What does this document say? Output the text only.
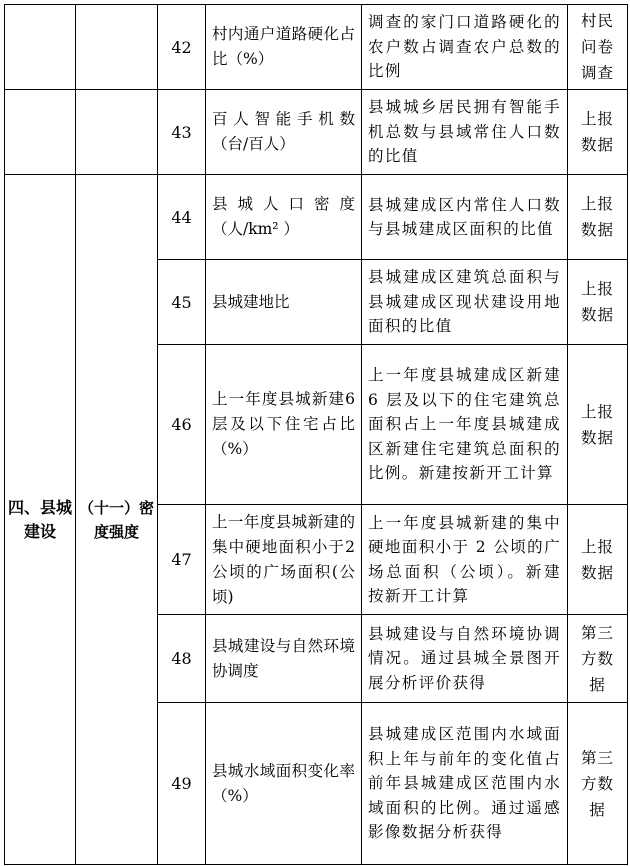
		42	村内通户道路硬化占比（%）	调查的家门口道路硬化的农户数占调查农户总数的比例	村民问卷调查
		43	百人智能手机数（台/百人）	县城城乡居民拥有智能手机总数与县域常住人口数的比值	上报数据
四、县城建设	（十一）密度强度	44	县城人口密度（人/km² ）	县城建成区内常住人口数与县城建成区面积的比值	上报数据
		45	县城建地比	县城建成区建筑总面积与县城建成区现状建设用地面积的比值	上报数据
		46	上一年度县城新建6层及以下住宅占比（%）	上一年度县城建成区新建 6 层及以下的住宅建筑总面积占上一年度县城建成区新建住宅建筑总面积的比例。新建按新开工计算	上报数据
		47	上一年度县城新建的集中硬地面积小于2公顷的广场面积(公顷)	上一年度县城新建的集中硬地面积小于 2 公顷的广场总面积（公顷）。新建按新开工计算	上报数据
		48	县城建设与自然环境协调度	县城建设与自然环境协调情况。通过县城全景图开展分析评价获得	第三方数据
		49	县城水域面积变化率（%）	县城建成区范围内水域面积上年与前年的变化值占前年县城建成区范围内水域面积的比例。通过遥感影像数据分析获得	第三方数据
